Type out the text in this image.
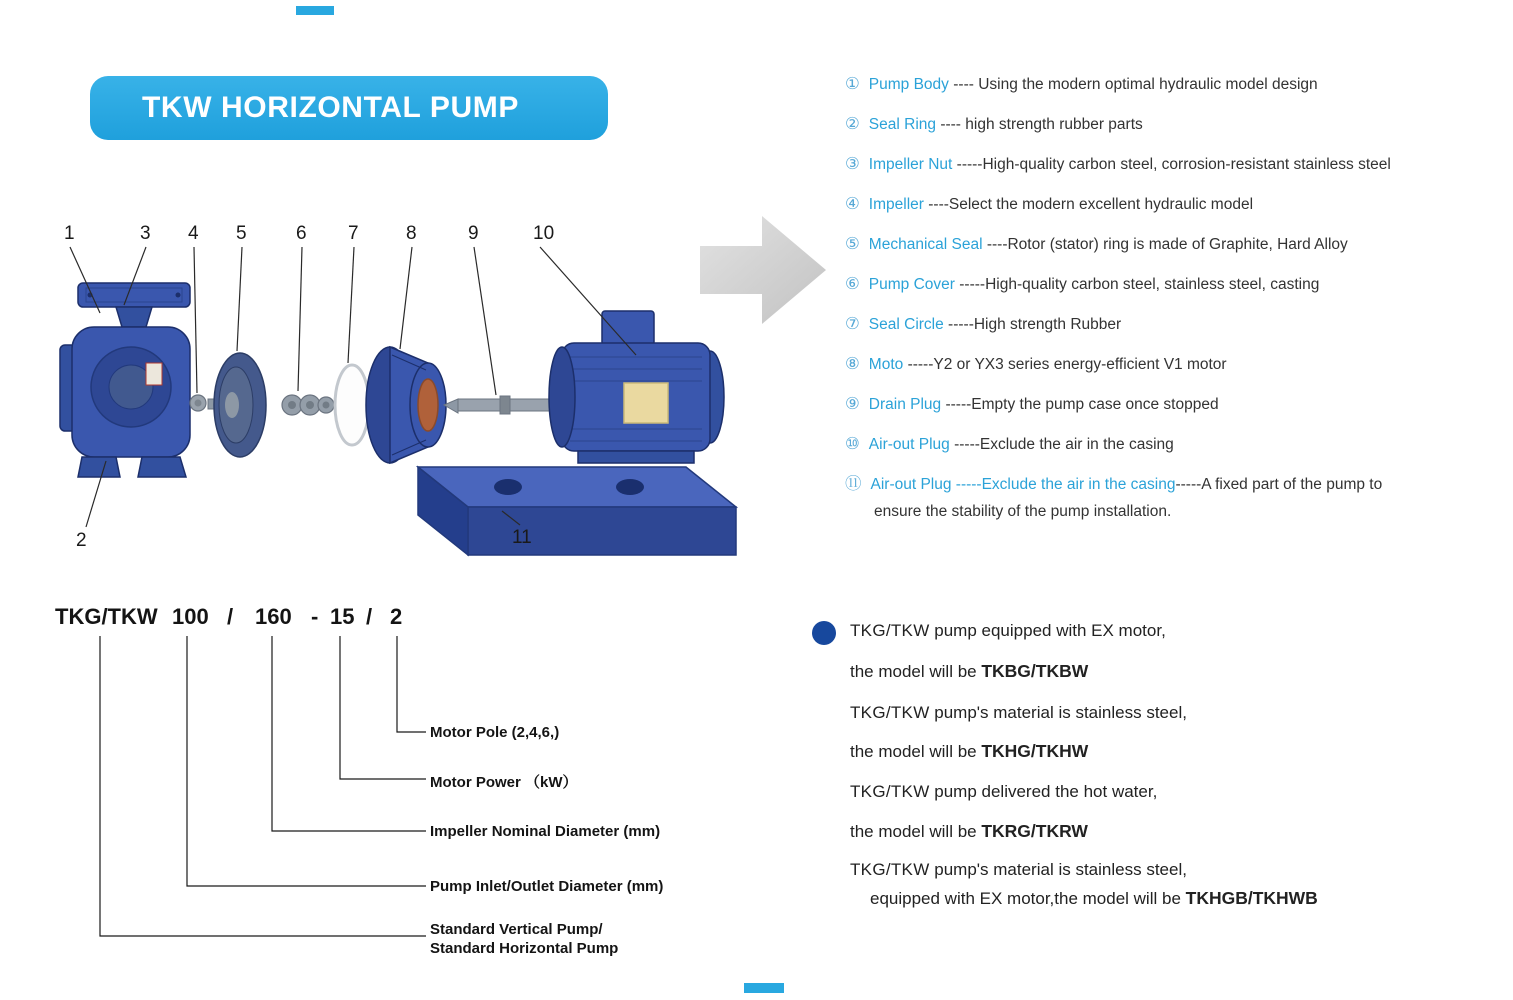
TKW HORIZONTAL PUMP
1	3 4 5	6 7 8	9	10
2	11
① Pump Body ---- Using the modern optimal hydraulic model design
② Seal Ring ---- high strength rubber parts
③ Impeller Nut -----High-quality carbon steel, corrosion-resistant stainless steel
④ Impeller ----Select the modern excellent hydraulic model
⑤ Mechanical Seal ----Rotor (stator) ring is made of Graphite, Hard Alloy
⑥ Pump Cover -----High-quality carbon steel, stainless steel, casting
⑦ Seal Circle -----High strength Rubber
⑧ Moto -----Y2 or YX3 series energy-efficient V1 motor
⑨ Drain Plug -----Empty the pump case once stopped
⑩ Air-out Plug -----Exclude the air in the casing
⑪ Air-out Plug -----Exclude the air in the casing-----A fixed part of the pump to
ensure the stability of the pump installation.
TKG/TKW 100 / 160 - 15 / 2
Motor Pole (2,4,6,)
Motor Power （kW）
Impeller Nominal Diameter (mm)
Pump Inlet/Outlet Diameter (mm)
Standard Vertical Pump/
Standard Horizontal Pump
TKG/TKW pump equipped with EX motor,
the model will be TKBG/TKBW
TKG/TKW pump's material is stainless steel,
the model will be TKHG/TKHW
TKG/TKW pump delivered the hot water,
the model will be TKRG/TKRW
TKG/TKW pump's material is stainless steel,
equipped with EX motor,the model will be TKHGB/TKHWB
